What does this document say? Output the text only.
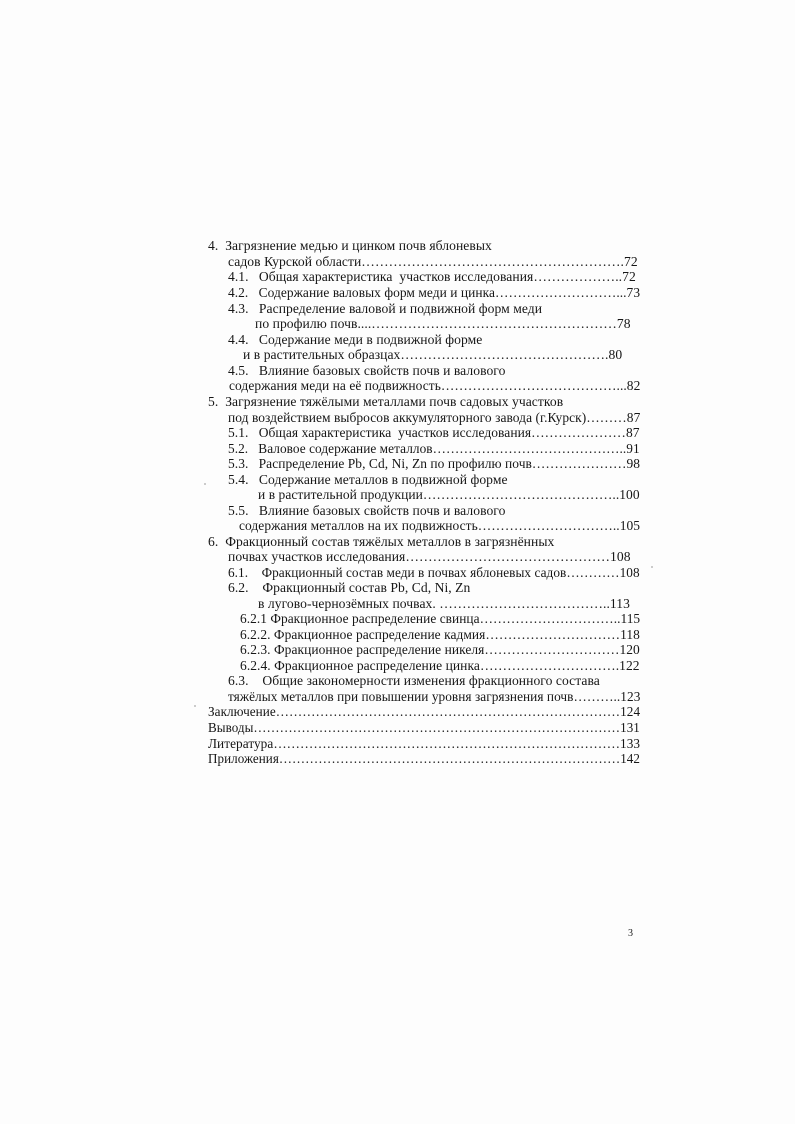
4.  Загрязнение медью и цинком почв яблоневых
садов Курской области………………………………………………….72
4.1.   Общая характеристика  участков исследования………………..72
4.2.   Содержание валовых форм меди и цинка………………………...73
4.3.   Распределение валовой и подвижной форм меди
по профилю почв....………………………………………………78
4.4.   Содержание меди в подвижной форме
и в растительных образцах……………………………………….80
4.5.   Влияние базовых свойств почв и валового
содержания меди на её подвижность…………………………………...82
5.  Загрязнение тяжёлыми металлами почв садовых участков
под воздействием выбросов аккумуляторного завода (г.Курск)………87
5.1.   Общая характеристика  участков исследования…………………87
5.2.   Валовое содержание металлов……………………………………..91
5.3.   Распределение Pb, Cd, Ni, Zn по профилю почв…………………98
5.4.   Содержание металлов в подвижной форме
и в растительной продукции……………………………………..100
5.5.   Влияние базовых свойств почв и валового
содержания металлов на их подвижность…………………………..105
6.  Фракционный состав тяжёлых металлов в загрязнённых
почвах участков исследования………………………………………108
6.1.    Фракционный состав меди в почвах яблоневых садов…………108
6.2.    Фракционный состав Pb, Cd, Ni, Zn
в лугово-чернозёмных почвах. ………………………………..113
6.2.1 Фракционное распределение свинца…………………………..115
6.2.2. Фракционное распределение кадмия…………………………118
6.2.3. Фракционное распределение никеля…………………………120
6.2.4. Фракционное распределение цинка………………………….122
6.3.    Общие закономерности изменения фракционного состава
тяжёлых металлов при повышении уровня загрязнения почв………..123
Заключение……………………………………………………………………124
Выводы…………………………………………………………………………131
Литература……………………………………………………………………133
Приложения……………………………………………………………………142
3
